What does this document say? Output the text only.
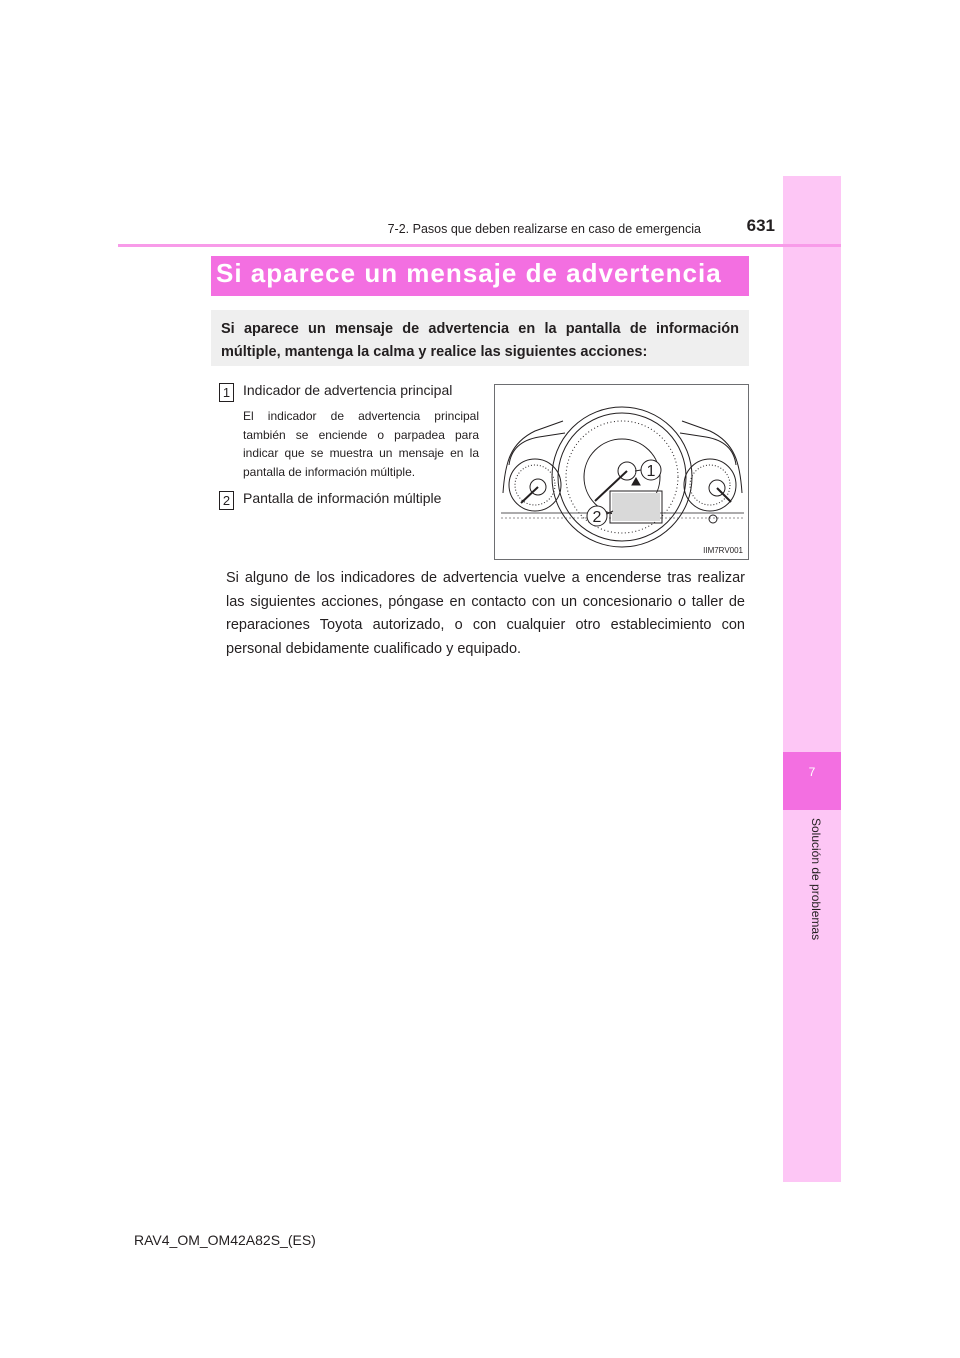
7
Solución de problemas
7-2. Pasos que deben realizarse en caso de emergencia	631
Si aparece un mensaje de advertencia
Si aparece un mensaje de advertencia en la pantalla de información múltiple, mantenga la calma y realice las siguientes acciones:
1 Indicador de advertencia principal
El indicador de advertencia principal también se enciende o parpadea para indicar que se muestra un mensaje en la pantalla de información múltiple.
2 Pantalla de información múltiple
1
2
IIM7RV001
Si alguno de los indicadores de advertencia vuelve a encenderse tras realizar las siguientes acciones, póngase en contacto con un concesionario o taller de reparaciones Toyota autorizado, o con cualquier otro establecimiento con personal debidamente cualificado y equipado.
RAV4_OM_OM42A82S_(ES)
